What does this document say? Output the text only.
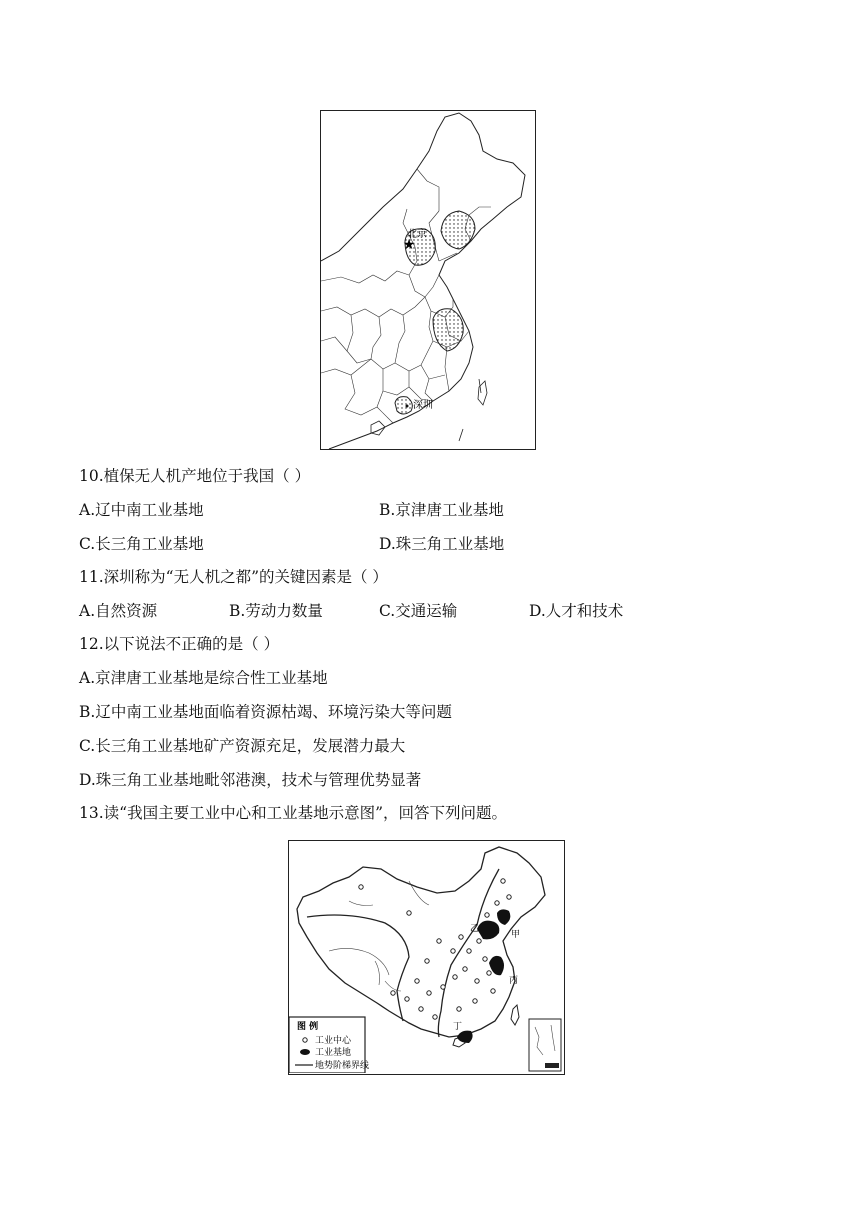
★
北京
深圳
10.植保无人机产地位于我国（ ）
A.辽中南工业基地	B.京津唐工业基地
C.长三角工业基地	D.珠三角工业基地
11.深圳称为“无人机之都”的关键因素是（ ）
A.自然资源	B.劳动力数量	C.交通运输	D.人才和技术
12.以下说法不正确的是（ ）
A.京津唐工业基地是综合性工业基地
B.辽中南工业基地面临着资源枯竭、环境污染大等问题
C.长三角工业基地矿产资源充足，发展潜力最大
D.珠三角工业基地毗邻港澳，技术与管理优势显著
13.读“我国主要工业中心和工业基地示意图”，回答下列问题。
乙
甲
丙
丁
图 例
工业中心
工业基地
地势阶梯界线
